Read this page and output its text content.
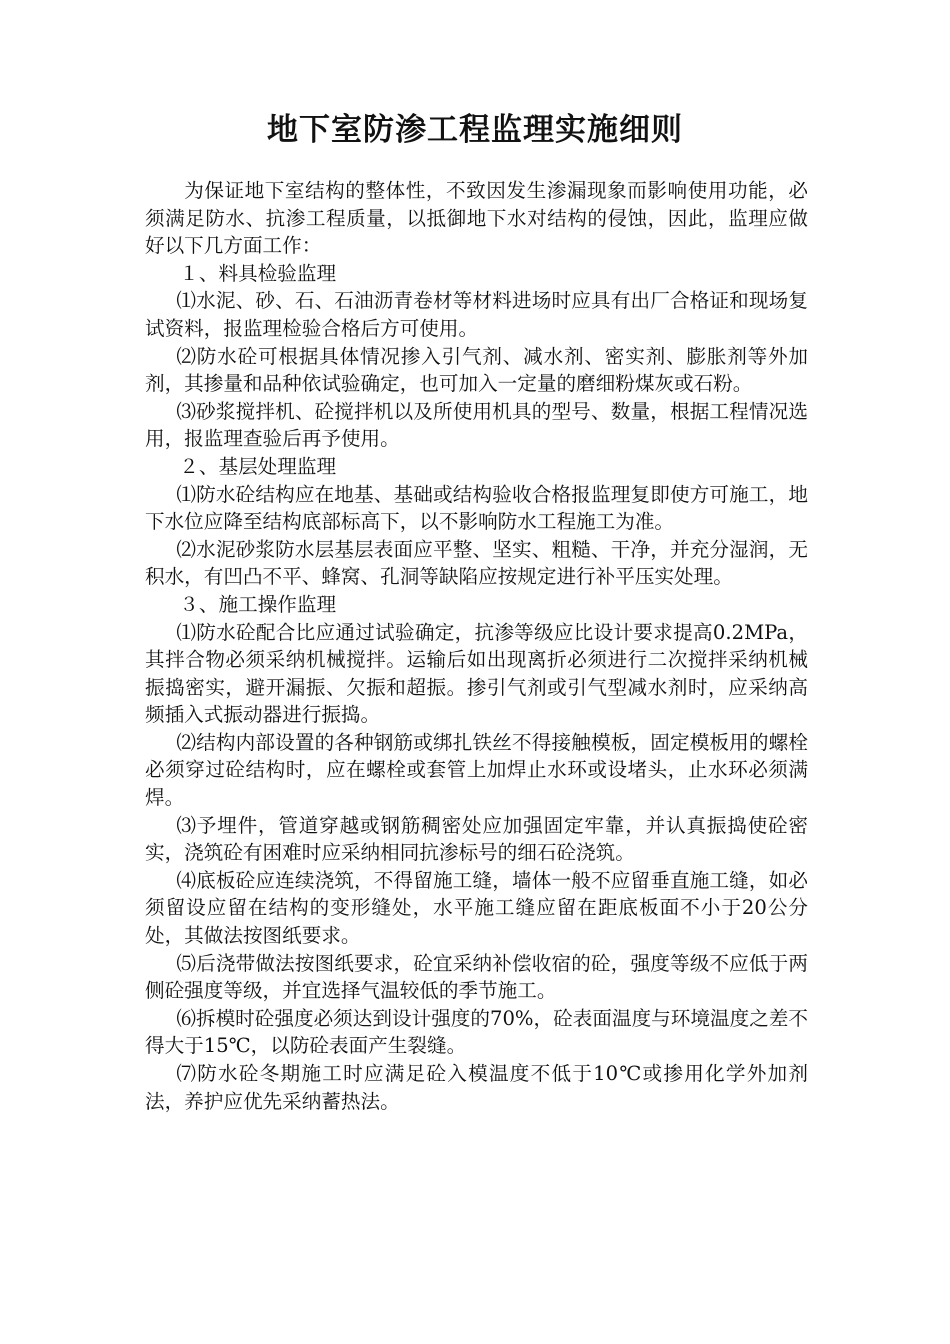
地下室防渗工程监理实施细则

为保证地下室结构的整体性，不致因发生渗漏现象而影响使用功能，必须满足防水、抗渗工程质量，以抵御地下水对结构的侵蚀，因此，监理应做好以下几方面工作：

１、料具检验监理

⑴水泥、砂、石、石油沥青卷材等材料进场时应具有出厂合格证和现场复试资料，报监理检验合格后方可使用。

⑵防水砼可根据具体情况掺入引气剂、减水剂、密实剂、膨胀剂等外加剂，其掺量和品种依试验确定，也可加入一定量的磨细粉煤灰或石粉。

⑶砂浆搅拌机、砼搅拌机以及所使用机具的型号、数量，根据工程情况选用，报监理查验后再予使用。

２、基层处理监理

⑴防水砼结构应在地基、基础或结构验收合格报监理复即使方可施工，地下水位应降至结构底部标高下，以不影响防水工程施工为准。

⑵水泥砂浆防水层基层表面应平整、坚实、粗糙、干净，并充分湿润，无积水，有凹凸不平、蜂窝、孔洞等缺陷应按规定进行补平压实处理。

３、施工操作监理

⑴防水砼配合比应通过试验确定，抗渗等级应比设计要求提高0.2MPa，其拌合物必须采纳机械搅拌。运输后如出现离折必须进行二次搅拌采纳机械振捣密实，避开漏振、欠振和超振。掺引气剂或引气型减水剂时，应采纳高频插入式振动器进行振捣。

⑵结构内部设置的各种钢筋或绑扎铁丝不得接触模板，固定模板用的螺栓必须穿过砼结构时，应在螺栓或套管上加焊止水环或设堵头，止水环必须满焊。

⑶予埋件，管道穿越或钢筋稠密处应加强固定牢靠，并认真振捣使砼密实，浇筑砼有困难时应采纳相同抗渗标号的细石砼浇筑。

⑷底板砼应连续浇筑，不得留施工缝，墙体一般不应留垂直施工缝，如必须留设应留在结构的变形缝处，水平施工缝应留在距底板面不小于20公分处，其做法按图纸要求。

⑸后浇带做法按图纸要求，砼宜采纳补偿收宿的砼，强度等级不应低于两侧砼强度等级，并宜选择气温较低的季节施工。

⑹拆模时砼强度必须达到设计强度的70%，砼表面温度与环境温度之差不得大于15℃，以防砼表面产生裂缝。

⑺防水砼冬期施工时应满足砼入模温度不低于10℃或掺用化学外加剂法，养护应优先采纳蓄热法。
